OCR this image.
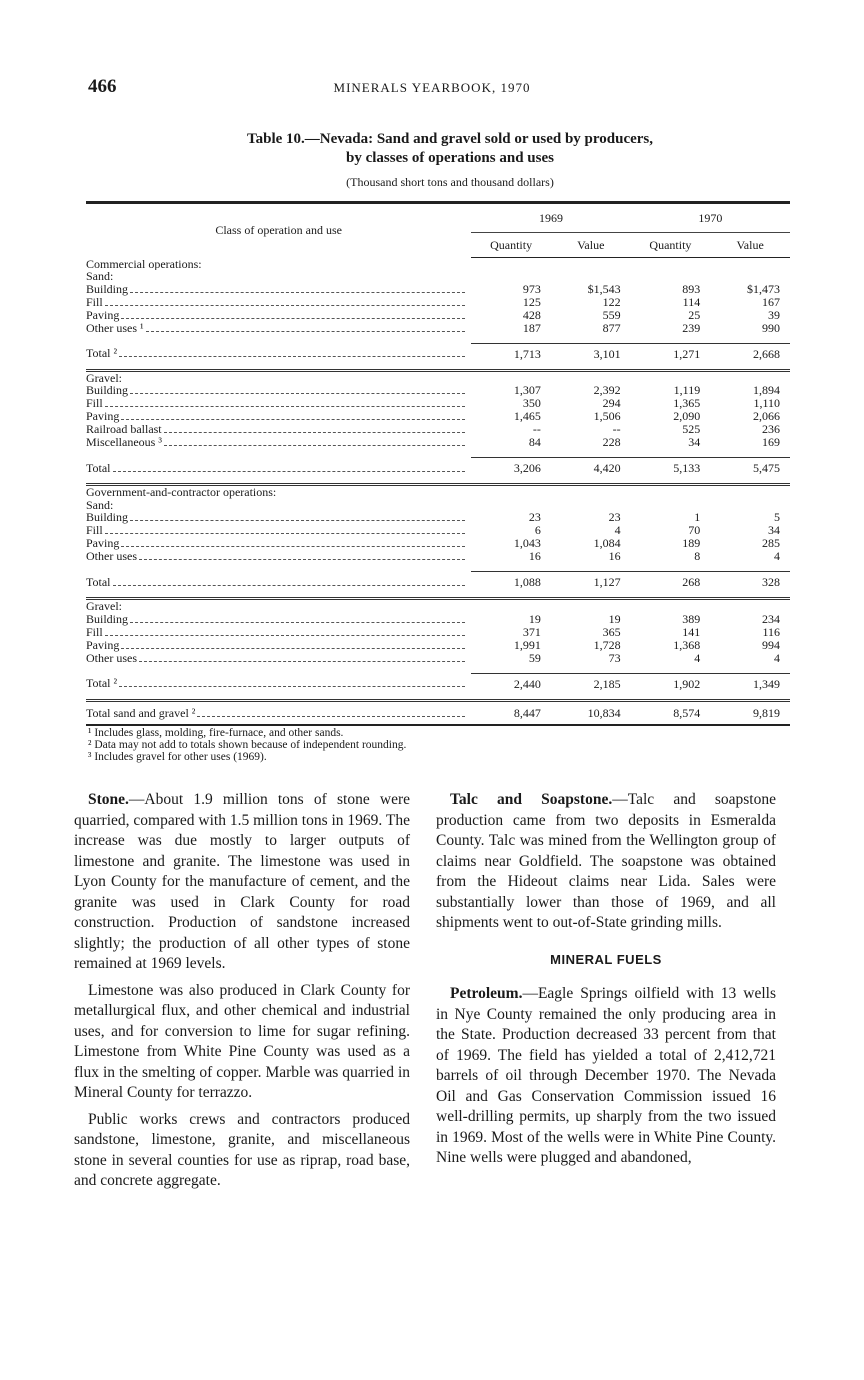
466	MINERALS YEARBOOK, 1970
Table 10.—Nevada: Sand and gravel sold or used by producers,
by classes of operations and uses
(Thousand short tons and thousand dollars)
Class of operation and use	1969		1970	
	Quantity	Value	Quantity	Value
Commercial operations:				
Sand:				

Building	973	$1,543	893	$1,473

Fill	125	122	114	167

Paving	428	559	25	39

Other uses ¹	187	877	239	990

Total ²	1,713	3,101	1,271	2,668

Gravel:				

Building	1,307	2,392	1,119	1,894

Fill	350	294	1,365	1,110

Paving	1,465	1,506	2,090	2,066

Railroad ballast	--	--	525	236

Miscellaneous ³	84	228	34	169

Total	3,206	4,420	5,133	5,475

Government-and-contractor operations:				
Sand:				

Building	23	23	1	5

Fill	6	4	70	34

Paving	1,043	1,084	189	285

Other uses	16	16	8	4

Total	1,088	1,127	268	328

Gravel:				

Building	19	19	389	234

Fill	371	365	141	116

Paving	1,991	1,728	1,368	994

Other uses	59	73	4	4

Total ²	2,440	2,185	1,902	1,349

Total sand and gravel ²	8,447	10,834	8,574	9,819
¹ Includes glass, molding, fire-furnace, and other sands.
² Data may not add to totals shown because of independent rounding.
³ Includes gravel for other uses (1969).

Stone.—About 1.9 million tons of stone were quarried, compared with 1.5 million tons in 1969. The increase was due mostly to larger outputs of limestone and granite. The limestone was used in Lyon County for the manufacture of cement, and the granite was used in Clark County for road construction. Production of sandstone increased slightly; the production of all other types of stone remained at 1969 levels.

Limestone was also produced in Clark County for metallurgical flux, and other chemical and industrial uses, and for conversion to lime for sugar refining. Limestone from White Pine County was used as a flux in the smelting of copper. Marble was quarried in Mineral County for terrazzo.

Public works crews and contractors produced sandstone, limestone, granite, and miscellaneous stone in several counties for use as riprap, road base, and concrete aggregate.

Talc and Soapstone.—Talc and soapstone production came from two deposits in Esmeralda County. Talc was mined from the Wellington group of claims near Goldfield. The soapstone was obtained from the Hideout claims near Lida. Sales were substantially lower than those of 1969, and all shipments went to out-of-State grinding mills.

MINERAL FUELS

Petroleum.—Eagle Springs oilfield with 13 wells in Nye County remained the only producing area in the State. Production decreased 33 percent from that of 1969. The field has yielded a total of 2,412,721 barrels of oil through December 1970. The Nevada Oil and Gas Conservation Commission issued 16 well-drilling permits, up sharply from the two issued in 1969. Most of the wells were in White Pine County. Nine wells were plugged and abandoned,
